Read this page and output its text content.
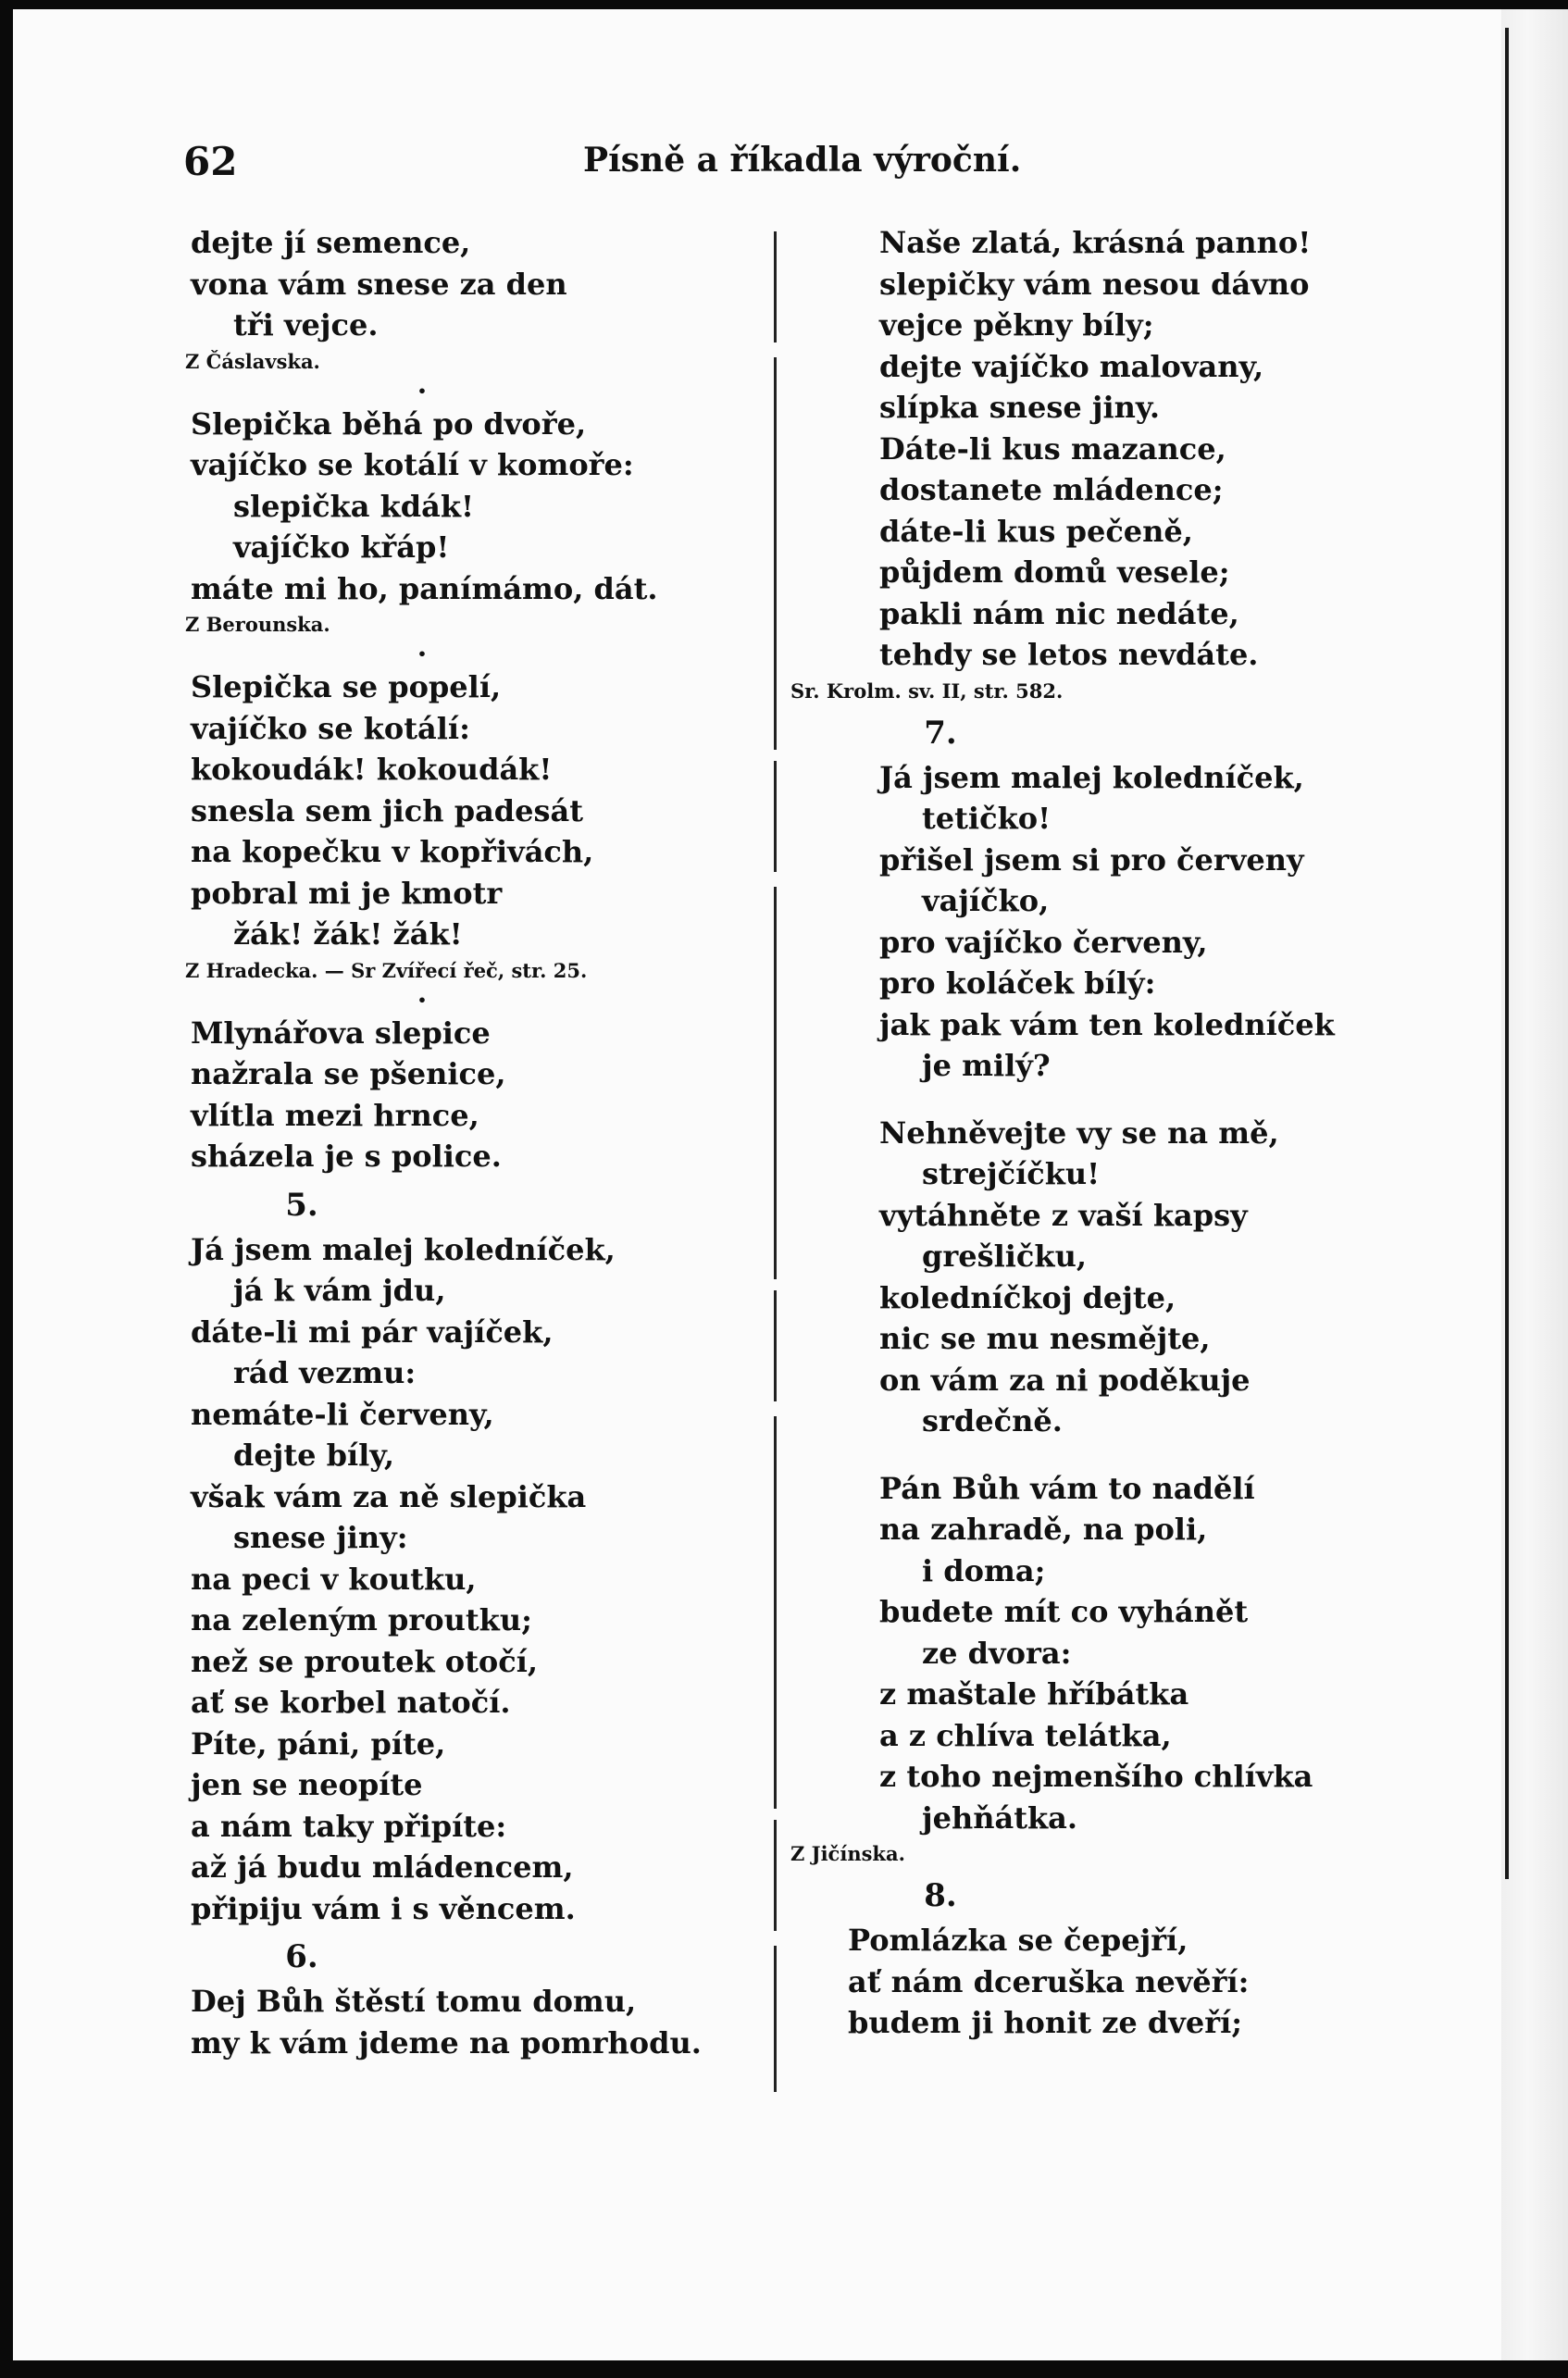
62	Písně a říkadla výroční.
dejte jí semence,
vona vám snese za den
tři vejce.
Z Čáslavska.
•
Slepička běhá po dvoře,
vajíčko se kotálí v komoře:
slepička kdák!
vajíčko křáp!
máte mi ho, panímámo, dát.
Z Berounska.
•
Slepička se popelí,
vajíčko se kotálí:
kokoudák! kokoudák!
snesla sem jich padesát
na kopečku v kopřivách,
pobral mi je kmotr
žák! žák! žák!
Z Hradecka. — Sr Zvířecí řeč, str. 25.
•
Mlynářova slepice
nažrala se pšenice,
vlítla mezi hrnce,
sházela je s police.
5.
Já jsem malej koledníček,
já k vám jdu,
dáte-li mi pár vajíček,
rád vezmu:
nemáte-li červeny,
dejte bíly,
však vám za ně slepička
snese jiny:
na peci v koutku,
na zeleným proutku;
než se proutek otočí,
ať se korbel natočí.
Píte, páni, píte,
jen se neopíte
a nám taky připíte:
až já budu mládencem,
připiju vám i s věncem.
6.
Dej Bůh štěstí tomu domu,
my k vám jdeme na pomrhodu.
Naše zlatá, krásná panno!
slepičky vám nesou dávno
vejce pěkny bíly;
dejte vajíčko malovany,
slípka snese jiny.
Dáte-li kus mazance,
dostanete mládence;
dáte-li kus pečeně,
půjdem domů vesele;
pakli nám nic nedáte,
tehdy se letos nevdáte.
Sr. Krolm. sv. II, str. 582.
7.
Já jsem malej koledníček,
tetičko!
přišel jsem si pro červeny
vajíčko,
pro vajíčko červeny,
pro koláček bílý:
jak pak vám ten koledníček
je milý?
Nehněvejte vy se na mě,
strejčíčku!
vytáhněte z vaší kapsy
grešličku,
koledníčkoj dejte,
nic se mu nesmějte,
on vám za ni poděkuje
srdečně.
Pán Bůh vám to nadělí
na zahradě, na poli,
i doma;
budete mít co vyhánět
ze dvora:
z maštale hříbátka
a z chlíva telátka,
z toho nejmenšího chlívka
jehňátka.
Z Jičínska.
8.
Pomlázka se čepejří,
ať nám dceruška nevěří:
budem ji honit ze dveří;
